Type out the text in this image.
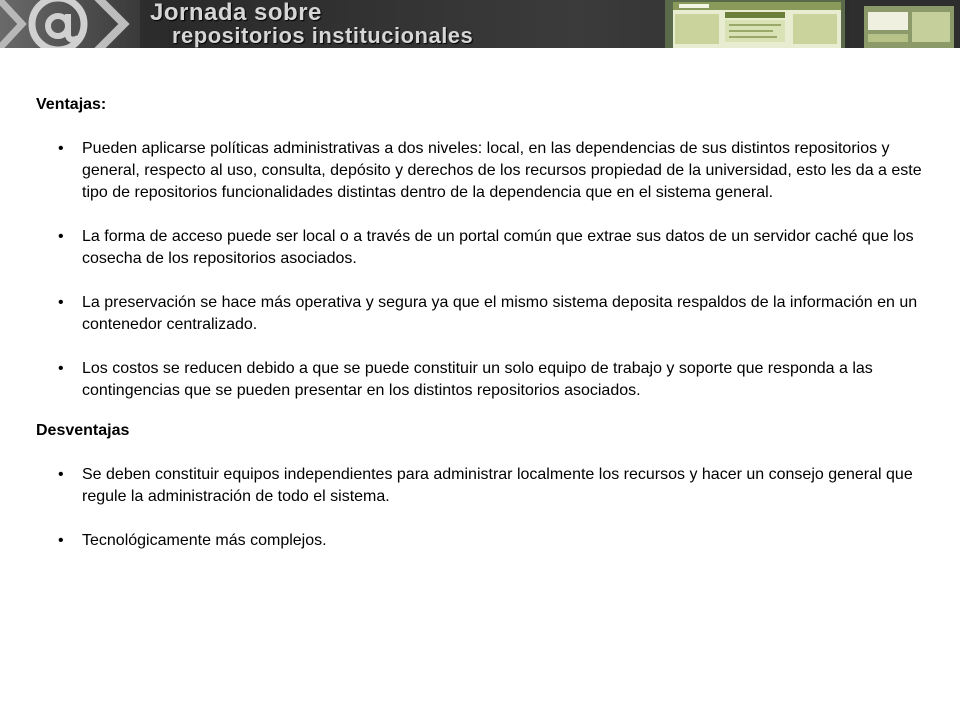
Jornada sobre
repositorios institucionales

Ventajas:

• Pueden aplicarse políticas administrativas a dos niveles: local, en las dependencias de sus distintos repositorios y general, respecto al uso, consulta, depósito y derechos de los recursos propiedad de la universidad, esto les da a este tipo de repositorios funcionalidades distintas dentro de la dependencia que en el sistema general.
• La forma de acceso puede ser local o a través de un portal común que extrae sus datos de un servidor caché que los cosecha de los repositorios asociados.
• La preservación se hace más operativa y segura ya que el mismo sistema deposita respaldos de la información en un contenedor centralizado.
• Los costos se reducen debido a que se puede constituir un solo equipo de trabajo y soporte que responda a las contingencias que se pueden presentar en los distintos repositorios asociados.

Desventajas

• Se deben constituir equipos independientes para administrar localmente los recursos y hacer un consejo general que regule la administración de todo el sistema.
• Tecnológicamente más complejos.
